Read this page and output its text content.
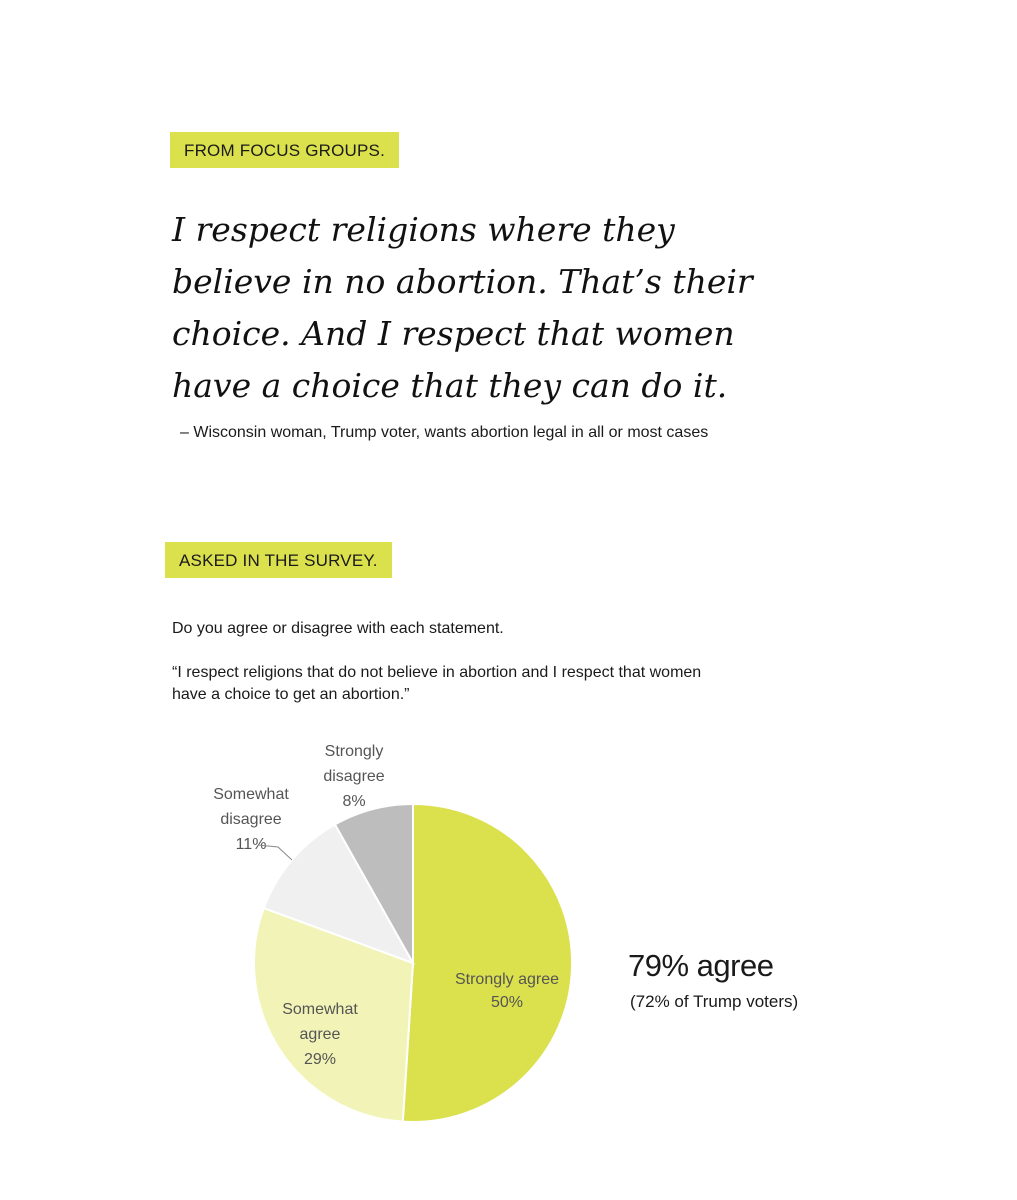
FROM FOCUS GROUPS.

I respect religions where they believe in no abortion. That’s their choice. And I respect that women have a choice that they can do it.

– Wisconsin woman, Trump voter, wants abortion legal in all or most cases
ASKED IN THE SURVEY.
Do you agree or disagree with each statement.
“I respect religions that do not believe in abortion and I respect that women have a choice to get an abortion.”
Strongly agree
50%
Somewhat
agree
29%
Somewhat
disagree
11%
Strongly
disagree
8%
79% agree
(72% of Trump voters)
